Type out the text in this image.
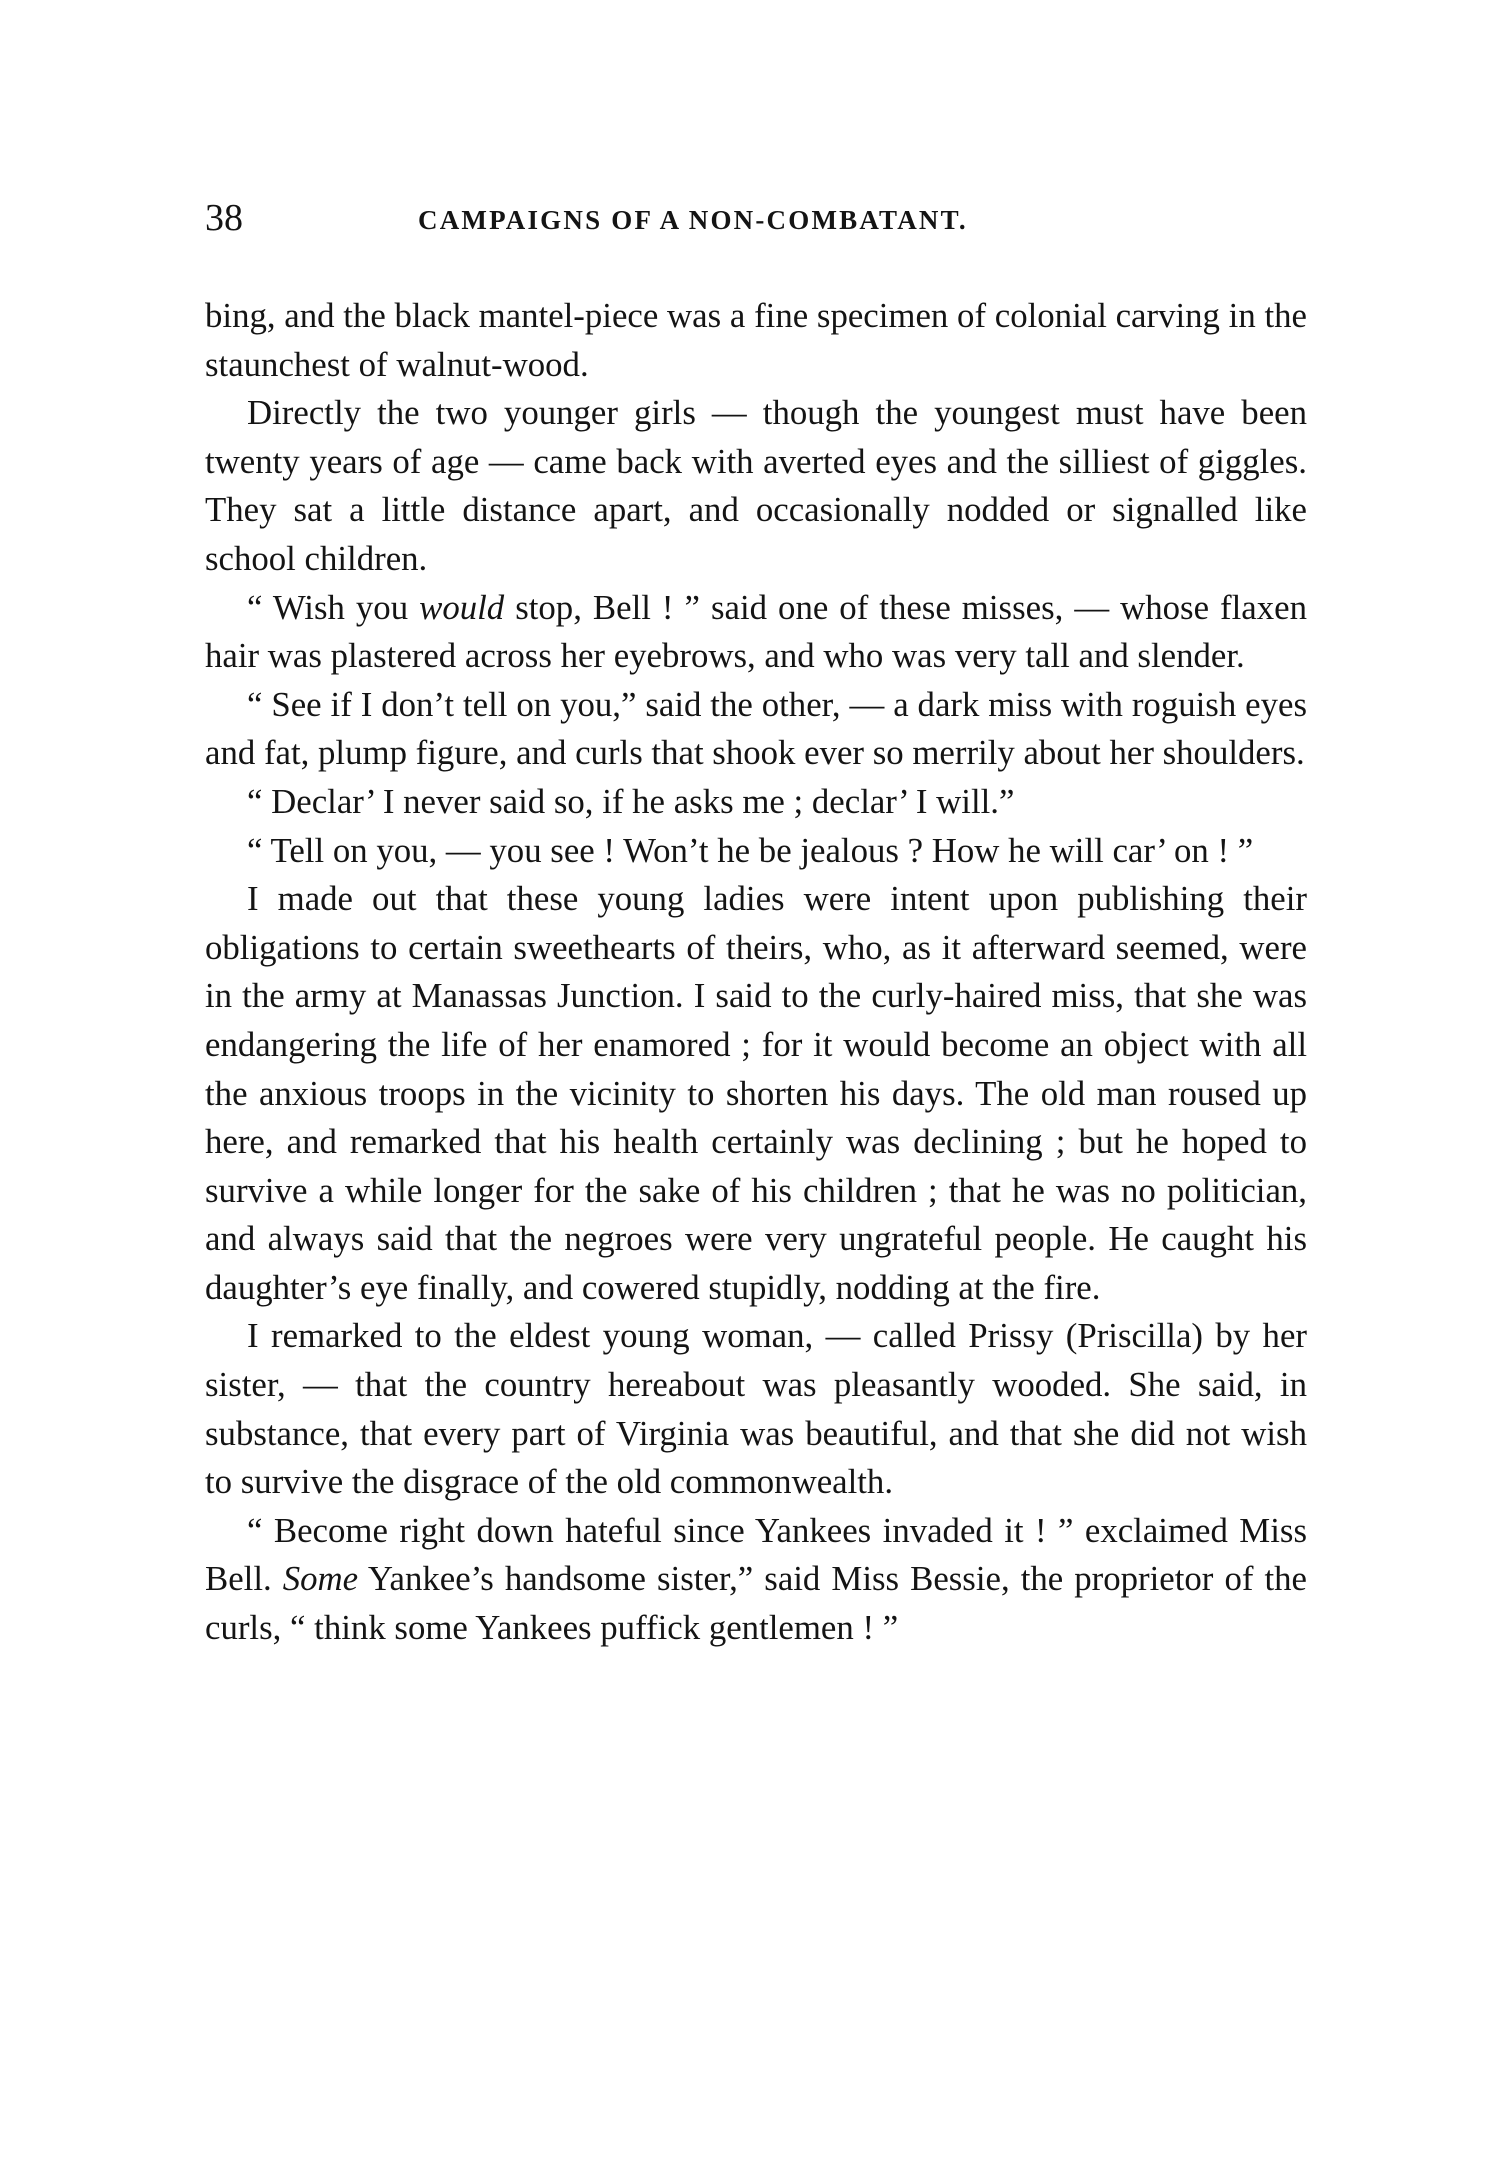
38	CAMPAIGNS OF A NON-COMBATANT.

bing, and the black mantel-piece was a fine specimen of colonial carving in the staunchest of walnut-wood.

Directly the two younger girls — though the youngest must have been twenty years of age — came back with averted eyes and the silliest of giggles. They sat a little distance apart, and occasionally nodded or signalled like school children.

“ Wish you would stop, Bell ! ” said one of these misses, — whose flaxen hair was plastered across her eyebrows, and who was very tall and slender.

“ See if I don’t tell on you,” said the other, — a dark miss with roguish eyes and fat, plump figure, and curls that shook ever so merrily about her shoulders.

“ Declar’ I never said so, if he asks me ; declar’ I will.”

“ Tell on you, — you see ! Won’t he be jealous ? How he will car’ on ! ”

I made out that these young ladies were intent upon publishing their obligations to certain sweethearts of theirs, who, as it afterward seemed, were in the army at Manassas Junction. I said to the curly-haired miss, that she was endangering the life of her enamored ; for it would become an object with all the anxious troops in the vicinity to shorten his days. The old man roused up here, and remarked that his health certainly was declining ; but he hoped to survive a while longer for the sake of his children ; that he was no politician, and always said that the negroes were very ungrateful people. He caught his daughter’s eye finally, and cowered stupidly, nodding at the fire.

I remarked to the eldest young woman, — called Prissy (Priscilla) by her sister, — that the country hereabout was pleasantly wooded. She said, in substance, that every part of Virginia was beautiful, and that she did not wish to survive the disgrace of the old commonwealth.

“ Become right down hateful since Yankees invaded it ! ” exclaimed Miss Bell. Some Yankee’s handsome sister,” said Miss Bessie, the proprietor of the curls, “ think some Yankees puffick gentlemen ! ”
